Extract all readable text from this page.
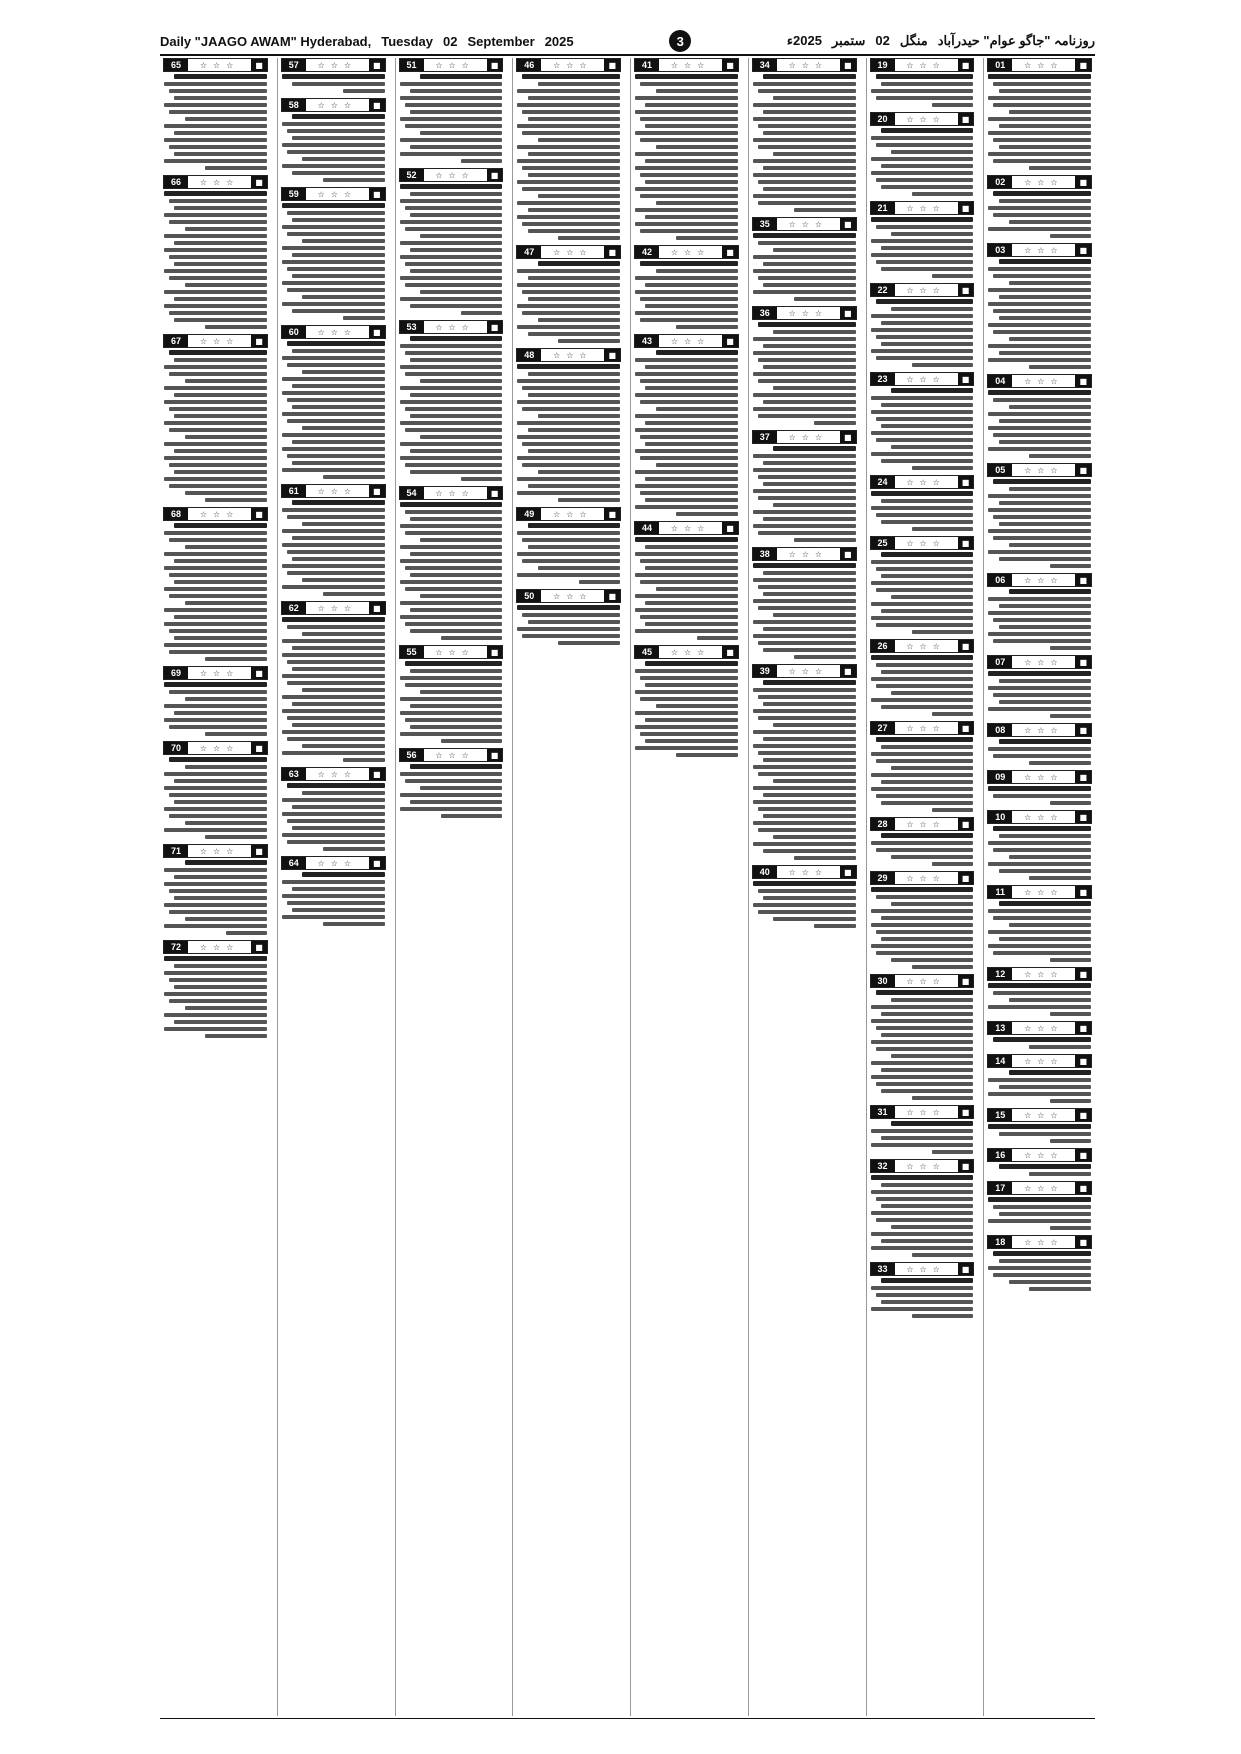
Daily "JAAGO AWAM" Hyderabad, Tuesday 02 September 2025	3	روزنامہ "جاگو عوام" حیدرآباد
منگل
02
ستمبر
2025ء
■
☆☆☆
01
■
☆☆☆
02
■
☆☆☆
03
■
☆☆☆
04
■
☆☆☆
05
■
☆☆☆
06
■
☆☆☆
07
■
☆☆☆
08
■
☆☆☆
09
■
☆☆☆
10
■
☆☆☆
11
■
☆☆☆
12
■
☆☆☆
13
■
☆☆☆
14
■
☆☆☆
15
■
☆☆☆
16
■
☆☆☆
17
■
☆☆☆
18
■
☆☆☆
19
■
☆☆☆
20
■
☆☆☆
21
■
☆☆☆
22
■
☆☆☆
23
■
☆☆☆
24
■
☆☆☆
25
■
☆☆☆
26
■
☆☆☆
27
■
☆☆☆
28
■
☆☆☆
29
■
☆☆☆
30
■
☆☆☆
31
■
☆☆☆
32
■
☆☆☆
33
■
☆☆☆
34
■
☆☆☆
35
■
☆☆☆
36
■
☆☆☆
37
■
☆☆☆
38
■
☆☆☆
39
■
☆☆☆
40
■
☆☆☆
41
■
☆☆☆
42
■
☆☆☆
43
■
☆☆☆
44
■
☆☆☆
45
■
☆☆☆
46
■
☆☆☆
47
■
☆☆☆
48
■
☆☆☆
49
■
☆☆☆
50
■
☆☆☆
51
■
☆☆☆
52
■
☆☆☆
53
■
☆☆☆
54
■
☆☆☆
55
■
☆☆☆
56
■
☆☆☆
57
■
☆☆☆
58
■
☆☆☆
59
■
☆☆☆
60
■
☆☆☆
61
■
☆☆☆
62
■
☆☆☆
63
■
☆☆☆
64
■
☆☆☆
65
■
☆☆☆
66
■
☆☆☆
67
■
☆☆☆
68
■
☆☆☆
69
■
☆☆☆
70
■
☆☆☆
71
■
☆☆☆
72
